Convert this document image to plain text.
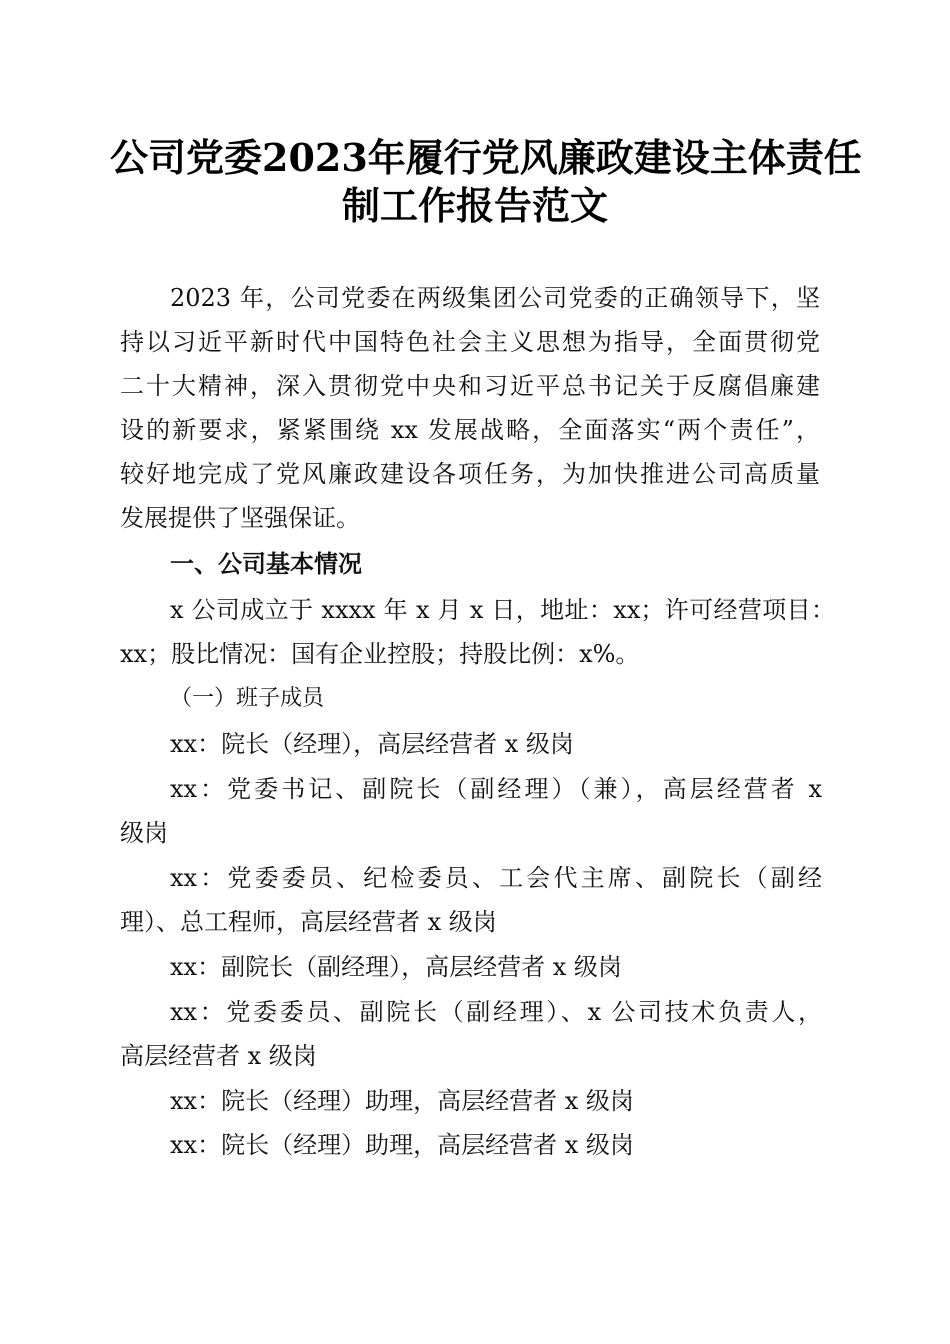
公司党委2023年履行党风廉政建设主体责任
制工作报告范文
2023 年，公司党委在两级集团公司党委的正确领导下，坚
持以习近平新时代中国特色社会主义思想为指导，全面贯彻党
二十大精神，深入贯彻党中央和习近平总书记关于反腐倡廉建
设的新要求，紧紧围绕 xx 发展战略，全面落实“两个责任”，
较好地完成了党风廉政建设各项任务，为加快推进公司高质量
发展提供了坚强保证。
一、公司基本情况
x 公司成立于 xxxx 年 x 月 x 日，地址：xx；许可经营项目：
xx；股比情况：国有企业控股；持股比例：x%。
（一）班子成员
xx：院长（经理），高层经营者 x 级岗
xx：党委书记、副院长（副经理）（兼），高层经营者 x
级岗
xx：党委委员、纪检委员、工会代主席、副院长（副经
理）、总工程师，高层经营者 x 级岗
xx：副院长（副经理），高层经营者 x 级岗
xx：党委委员、副院长（副经理）、x 公司技术负责人，
高层经营者 x 级岗
xx：院长（经理）助理，高层经营者 x 级岗
xx：院长（经理）助理，高层经营者 x 级岗
